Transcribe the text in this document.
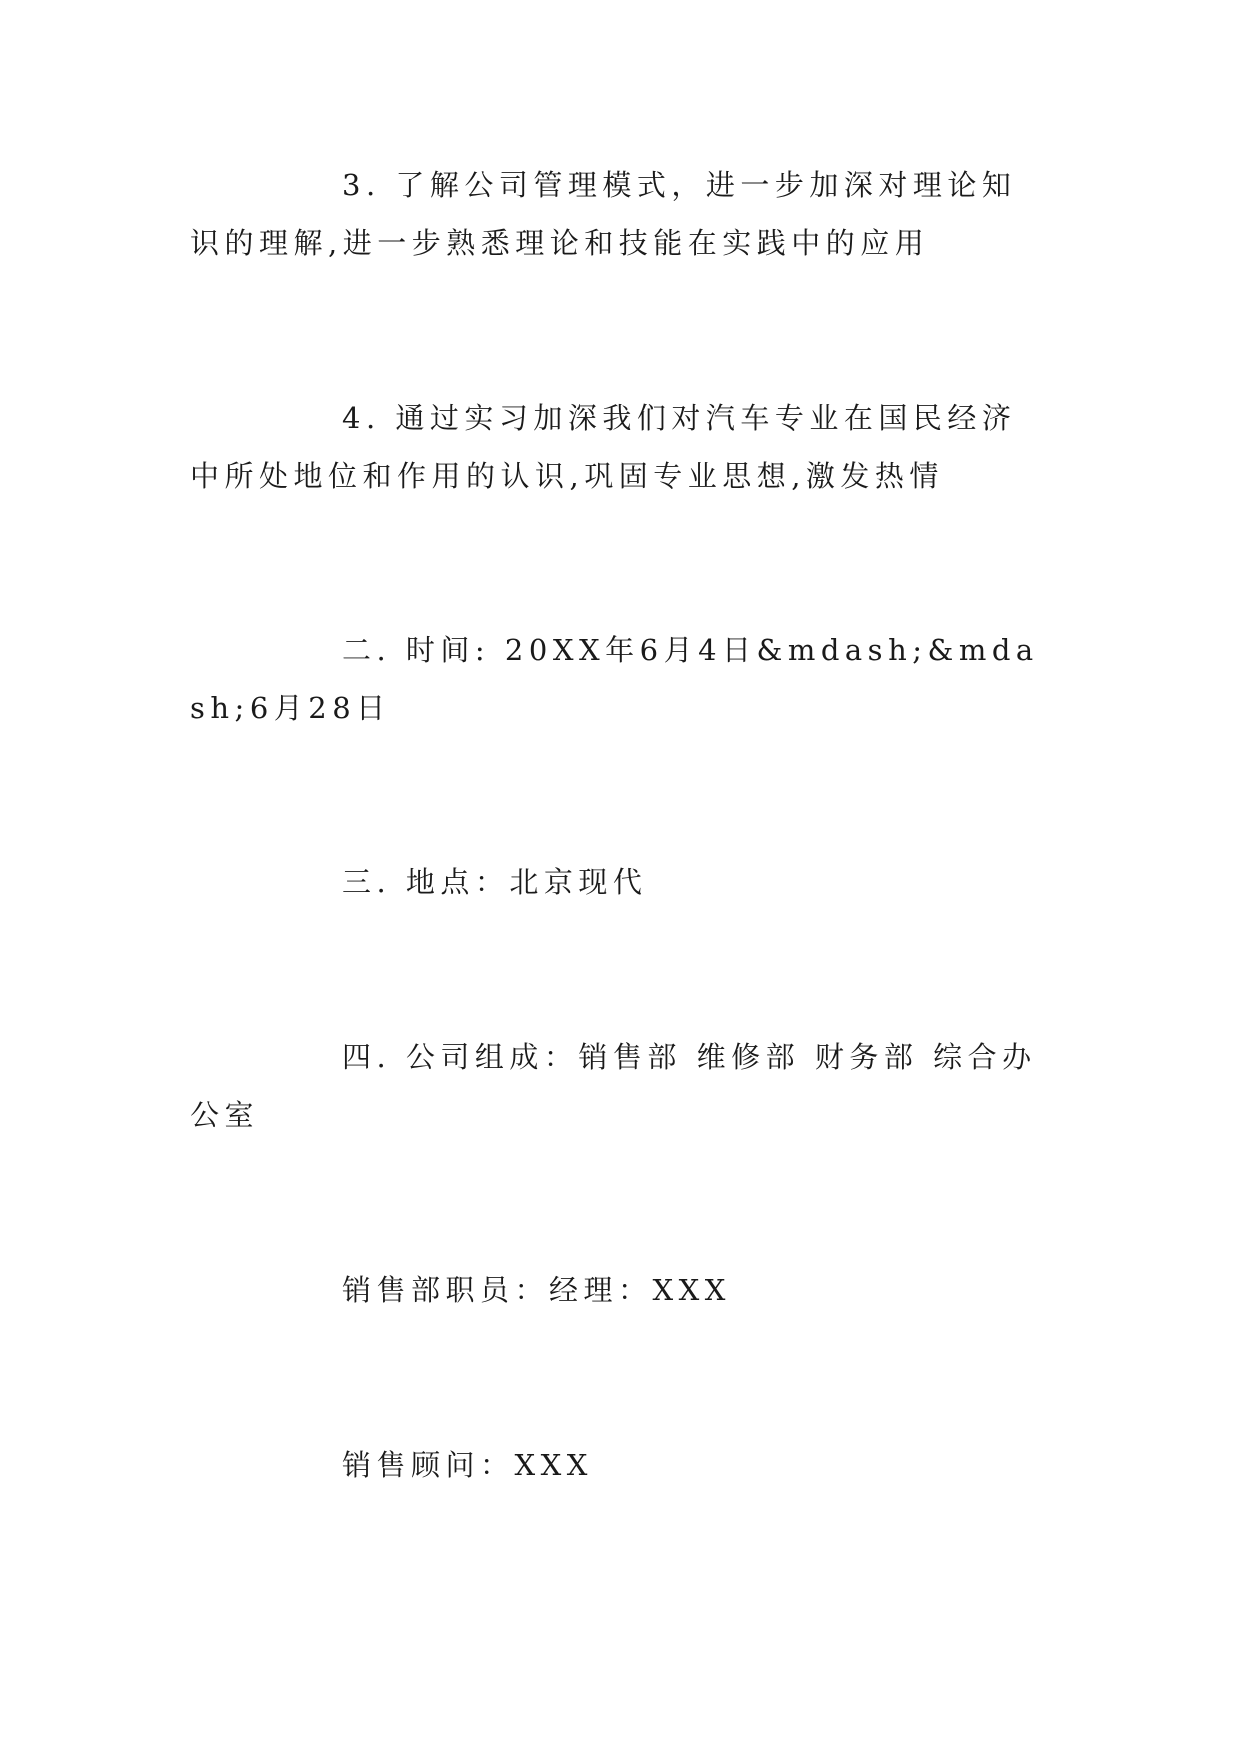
3. 了解公司管理模式，进一步加深对理论知识的理解,进一步熟悉理论和技能在实践中的应用

4. 通过实习加深我们对汽车专业在国民经济中所处地位和作用的认识,巩固专业思想,激发热情

二. 时间: 20XX年6月4日&mdash;&mdash;6月28日

三. 地点：北京现代

四. 公司组成：销售部 维修部 财务部 综合办公室

销售部职员：经理：XXX

销售顾问：XXX
